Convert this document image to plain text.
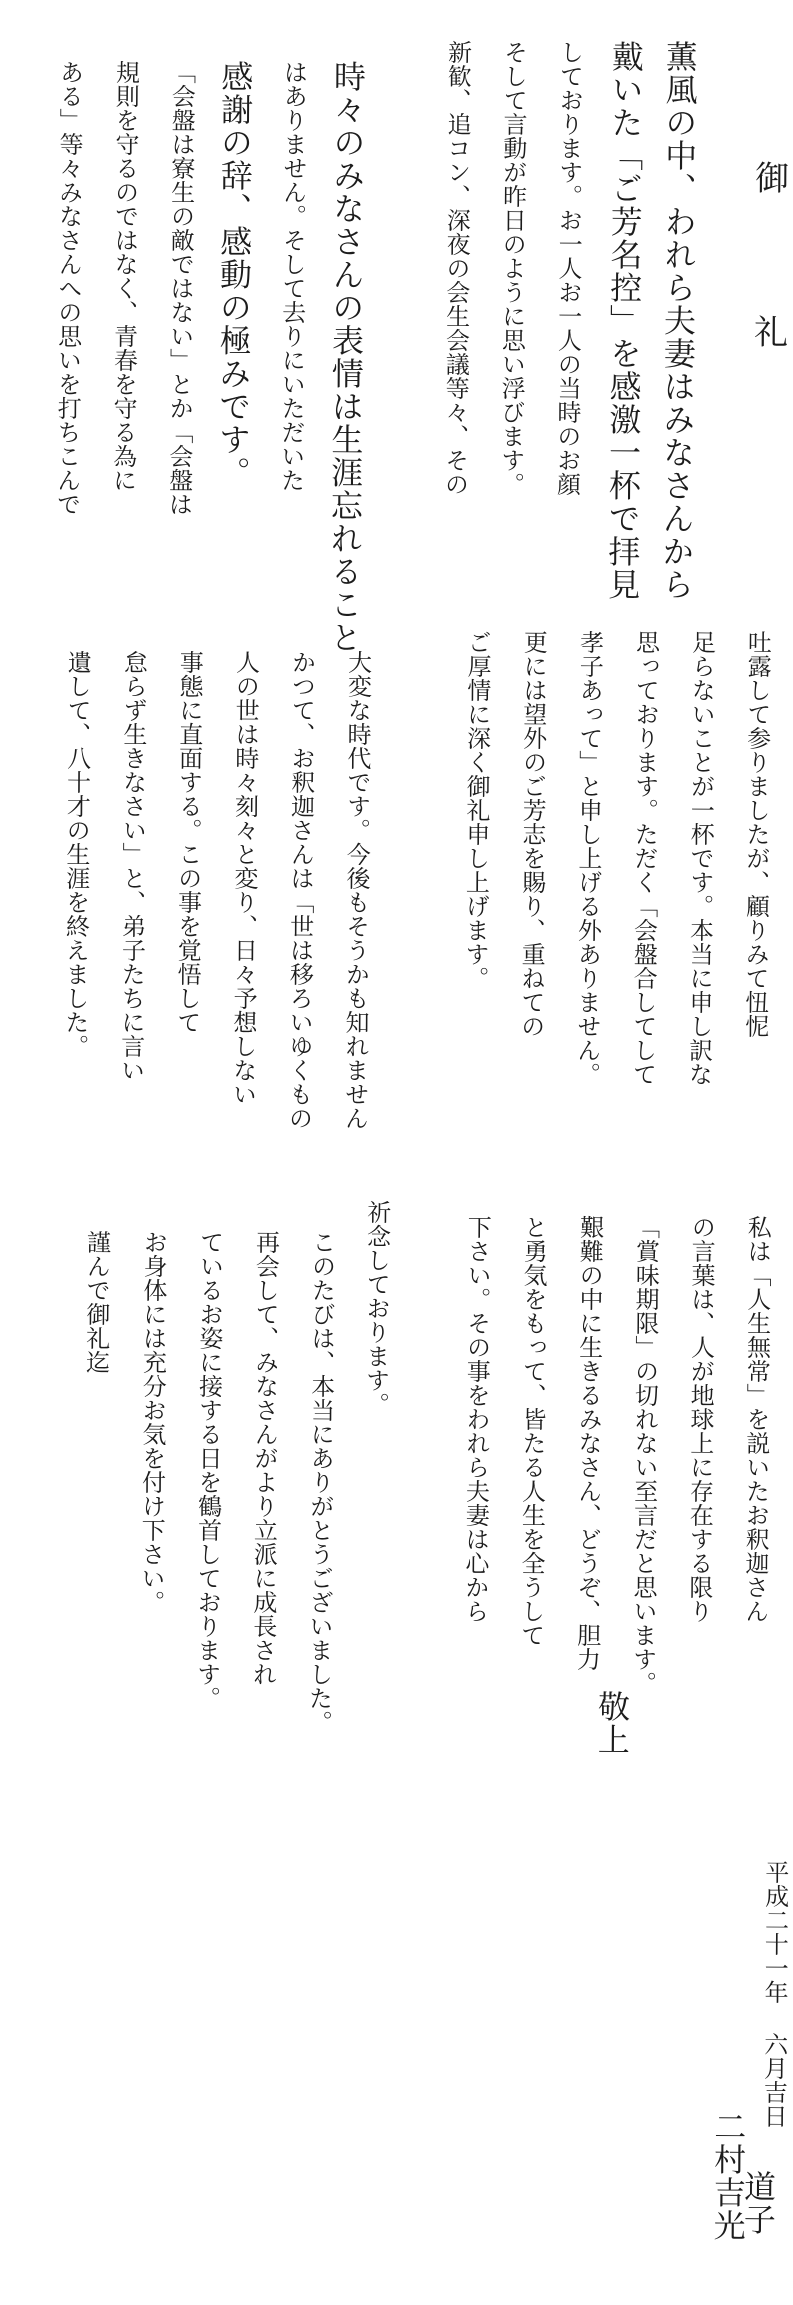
御 礼
薫風の中、われら夫妻はみなさんから
戴いた「ご芳名控」を感激一杯で拝見
しております。お一人お一人の当時のお顔
そして言動が昨日のように思い浮びます。
新歓、追コン、深夜の会生会議等々、その
時々のみなさんの表情は生涯忘れること
はありません。そして去りにいただいた
感謝の辞、感動の極みです。
「会盤は寮生の敵ではない」とか「会盤は
規則を守るのではなく、青春を守る為に
ある」等々みなさんへの思いを打ちこんで
吐露して参りましたが、顧りみて忸怩
足らないことが一杯です。本当に申し訳な
思っております。ただく「会盤合してして
孝子あって」と申し上げる外ありません。
更には望外のご芳志を賜り、重ねての
ご厚情に深く御礼申し上げます。
大変な時代です。今後もそうかも知れません
かつて、お釈迦さんは「世は移ろいゆくもの
人の世は時々刻々と変り、日々予想しない
事態に直面する。この事を覚悟して
怠らず生きなさい」と、弟子たちに言い
遺して、八十才の生涯を終えました。
私は「人生無常」を説いたお釈迦さん
の言葉は、人が地球上に存在する限り
「賞味期限」の切れない至言だと思います。
艱難の中に生きるみなさん、どうぞ、胆力
と勇気をもって、皆たる人生を全うして
下さい。その事をわれら夫妻は心から
祈念しております。
このたびは、本当にありがとうございました。
再会して、みなさんがより立派に成長され
ているお姿に接する日を鶴首しております。
お身体には充分お気を付け下さい。
謹んで御礼迄
敬上
平成二十一年 六月吉日
二村吉光
道子
